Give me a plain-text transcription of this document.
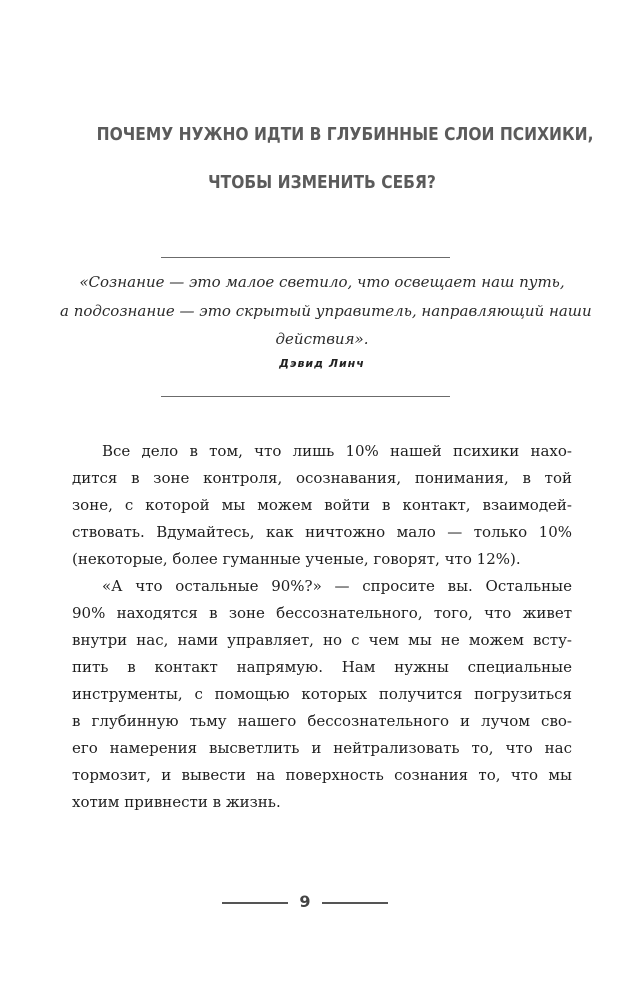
ПОЧЕМУ НУЖНО ИДТИ В ГЛУБИННЫЕ СЛОИ ПСИХИКИ,
ЧТОБЫ ИЗМЕНИТЬ СЕБЯ?
«Сознание — это малое светило, что освещает наш путь,
а подсознание — это скрытый управитель, направляющий наши
действия».
Дэвид Линч
Все дело в том, что лишь 10% нашей психики нахо-
дится в зоне контроля, осознавания, понимания, в той
зоне, с которой мы можем войти в контакт, взаимодей-
ствовать. Вдумайтесь, как ничтожно мало — только 10%
(некоторые, более гуманные ученые, говорят, что 12%).
«А что остальные 90%?» — спросите вы. Остальные
90% находятся в зоне бессознательного, того, что живет
внутри нас, нами управляет, но с чем мы не можем всту-
пить в контакт напрямую. Нам нужны специальные
инструменты, с помощью которых получится погрузиться
в глубинную тьму нашего бессознательного и лучом сво-
его намерения высветлить и нейтрализовать то, что нас
тормозит, и вывести на поверхность сознания то, что мы
хотим привнести в жизнь.
9
